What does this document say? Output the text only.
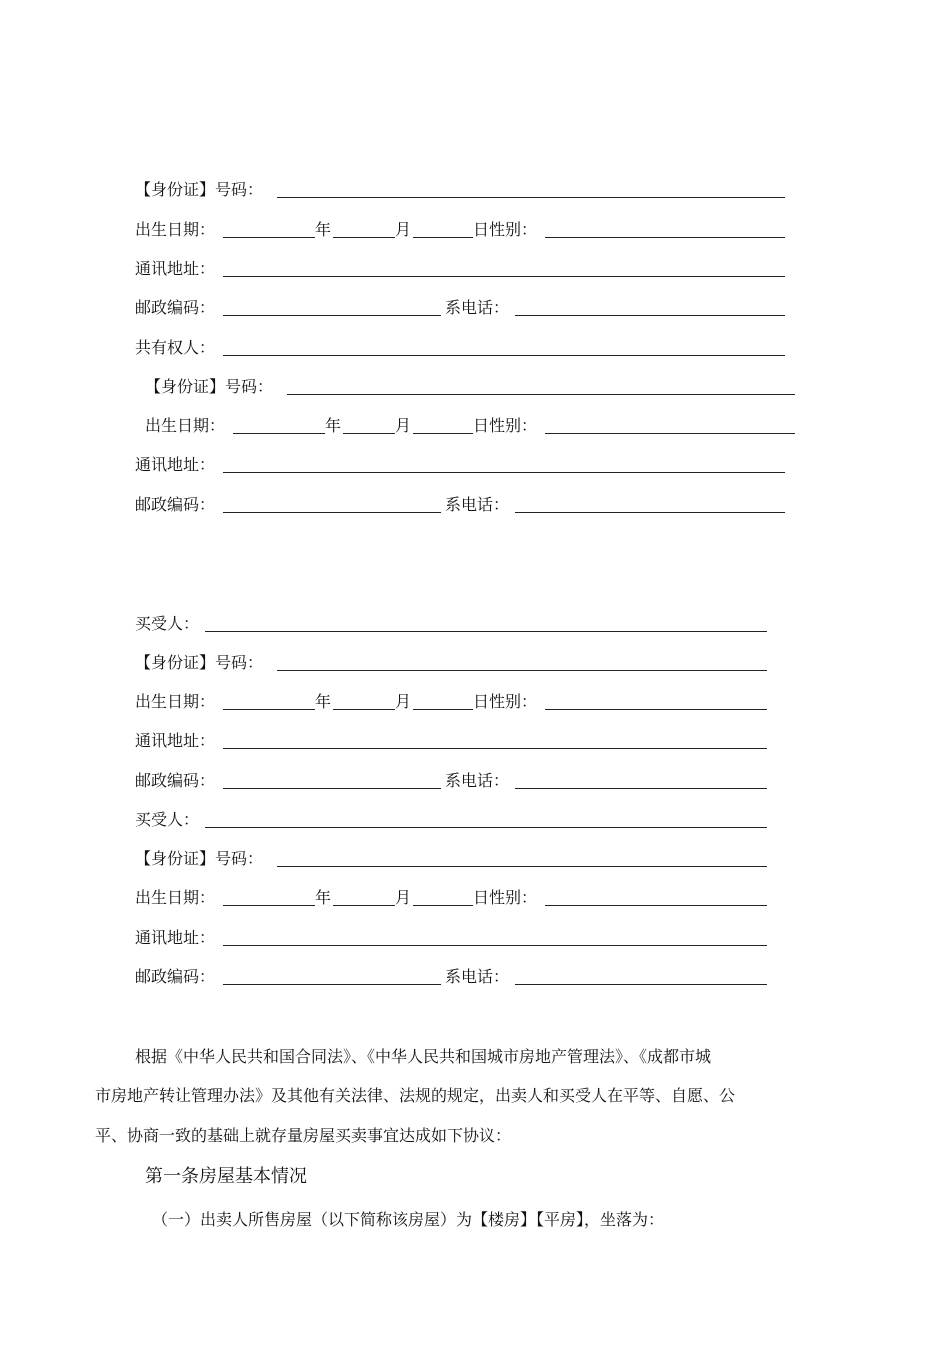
【身份证】号码：
出生日期：	年	月	日性别：
通讯地址：
邮政编码：	系电话：
共有权人：
【身份证】号码：
出生日期：	年	月	日性别：
通讯地址：
邮政编码：	系电话：
买受人：
【身份证】号码：
出生日期：	年	月	日性别：
通讯地址：
邮政编码：	系电话：
买受人：
【身份证】号码：
出生日期：	年	月	日性别：
通讯地址：
邮政编码：	系电话：
根据《中华人民共和国合同法》、《中华人民共和国城市房地产管理法》、《成都市城
市房地产转让管理办法》及其他有关法律、法规的规定，出卖人和买受人在平等、自愿、公
平、协商一致的基础上就存量房屋买卖事宜达成如下协议：
第一条房屋基本情况
（一）出卖人所售房屋（以下简称该房屋）为【楼房】【平房】，坐落为：
